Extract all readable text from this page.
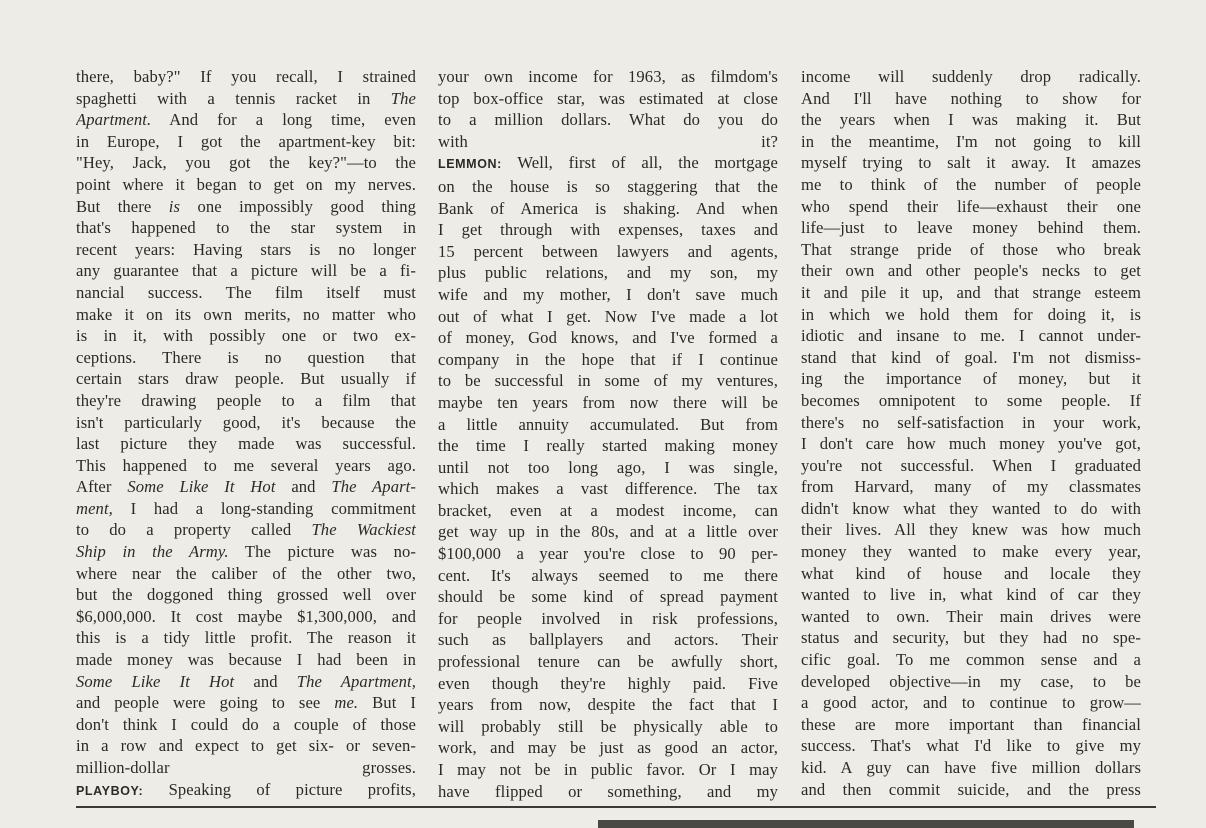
there, baby?" If you recall, I strained
spaghetti with a tennis racket in The
Apartment. And for a long time, even
in Europe, I got the apartment-key bit:
"Hey, Jack, you got the key?"—to the
point where it began to get on my nerves.
But there is one impossibly good thing
that's happened to the star system in
recent years: Having stars is no longer
any guarantee that a picture will be a fi-
nancial success. The film itself must
make it on its own merits, no matter who
is in it, with possibly one or two ex-
ceptions. There is no question that
certain stars draw people. But usually if
they're drawing people to a film that
isn't particularly good, it's because the
last picture they made was successful.
This happened to me several years ago.
After Some Like It Hot and The Apart-
ment, I had a long-standing commitment
to do a property called The Wackiest
Ship in the Army. The picture was no-
where near the caliber of the other two,
but the doggoned thing grossed well over
$6,000,000. It cost maybe $1,300,000, and
this is a tidy little profit. The reason it
made money was because I had been in
Some Like It Hot and The Apartment,
and people were going to see me. But I
don't think I could do a couple of those
in a row and expect to get six- or seven-
million-dollar grosses.
PLAYBOY: Speaking of picture profits,
your own income for 1963, as filmdom's
top box-office star, was estimated at close
to a million dollars. What do you do
with it?
LEMMON: Well, first of all, the mortgage
on the house is so staggering that the
Bank of America is shaking. And when
I get through with expenses, taxes and
15 percent between lawyers and agents,
plus public relations, and my son, my
wife and my mother, I don't save much
out of what I get. Now I've made a lot
of money, God knows, and I've formed a
company in the hope that if I continue
to be successful in some of my ventures,
maybe ten years from now there will be
a little annuity accumulated. But from
the time I really started making money
until not too long ago, I was single,
which makes a vast difference. The tax
bracket, even at a modest income, can
get way up in the 80s, and at a little over
$100,000 a year you're close to 90 per-
cent. It's always seemed to me there
should be some kind of spread payment
for people involved in risk professions,
such as ballplayers and actors. Their
professional tenure can be awfully short,
even though they're highly paid. Five
years from now, despite the fact that I
will probably still be physically able to
work, and may be just as good an actor,
I may not be in public favor. Or I may
have flipped or something, and my
income will suddenly drop radically.
And I'll have nothing to show for
the years when I was making it. But
in the meantime, I'm not going to kill
myself trying to salt it away. It amazes
me to think of the number of people
who spend their life—exhaust their one
life—just to leave money behind them.
That strange pride of those who break
their own and other people's necks to get
it and pile it up, and that strange esteem
in which we hold them for doing it, is
idiotic and insane to me. I cannot under-
stand that kind of goal. I'm not dismiss-
ing the importance of money, but it
becomes omnipotent to some people. If
there's no self-satisfaction in your work,
I don't care how much money you've got,
you're not successful. When I graduated
from Harvard, many of my classmates
didn't know what they wanted to do with
their lives. All they knew was how much
money they wanted to make every year,
what kind of house and locale they
wanted to live in, what kind of car they
wanted to own. Their main drives were
status and security, but they had no spe-
cific goal. To me common sense and a
developed objective—in my case, to be
a good actor, and to continue to grow—
these are more important than financial
success. That's what I'd like to give my
kid. A guy can have five million dollars
and then commit suicide, and the press
